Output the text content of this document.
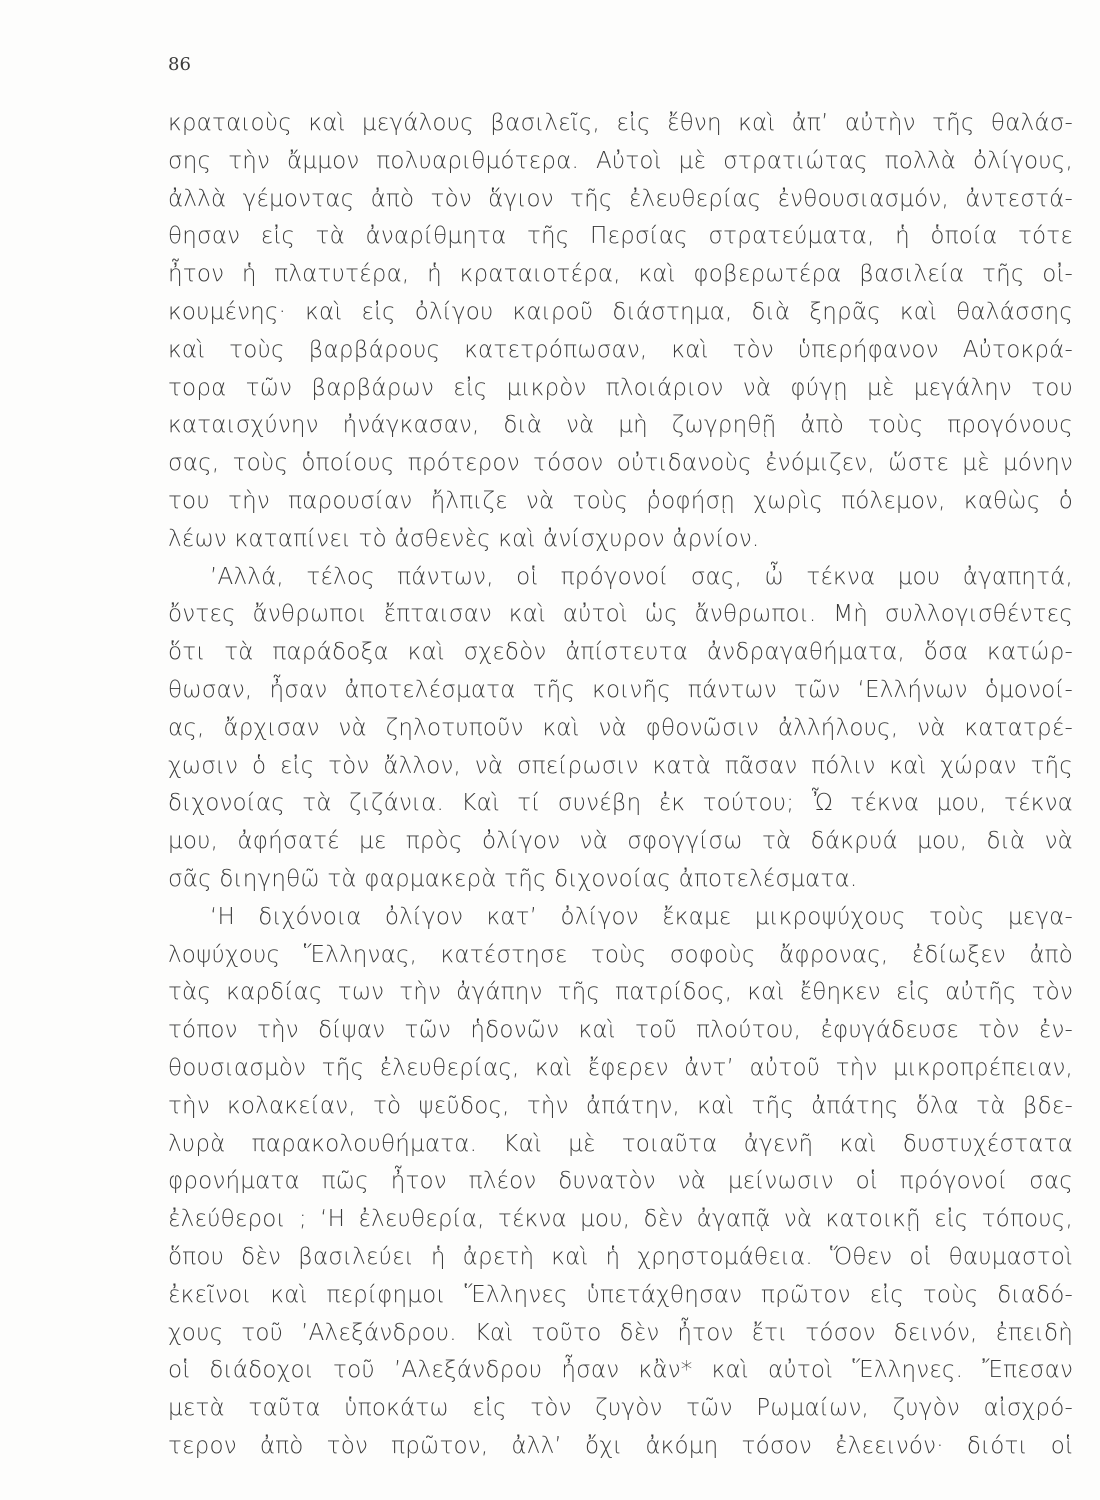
86
κραταιοὺς καὶ μεγάλους βασιλεῖς, εἰς ἔθνη καὶ ἀπ’ αὐτὴν τῆς θαλάσ-
σης τὴν ἄμμον πολυαριθμότερα. Αὐτοὶ μὲ στρατιώτας πολλὰ ὀλίγους,
ἀλλὰ γέμοντας ἀπὸ τὸν ἅγιον τῆς ἐλευθερίας ἐνθουσιασμόν, ἀντεστά-
θησαν εἰς τὰ ἀναρίθμητα τῆς Περσίας στρατεύματα, ἡ ὁποία τότε
ἦτον ἡ πλατυτέρα, ἡ κραταιοτέρα, καὶ φοβερωτέρα βασιλεία τῆς οἰ-
κουμένης· καὶ εἰς ὀλίγου καιροῦ διάστημα, διὰ ξηρᾶς καὶ θαλάσσης
καὶ τοὺς βαρβάρους κατετρόπωσαν, καὶ τὸν ὑπερήφανον Αὐτοκρά-
τορα τῶν βαρβάρων εἰς μικρὸν πλοιάριον νὰ φύγῃ μὲ μεγάλην του
καταισχύνην ἠνάγκασαν, διὰ νὰ μὴ ζωγρηθῇ ἀπὸ τοὺς προγόνους
σας, τοὺς ὁποίους πρότερον τόσον οὐτιδανοὺς ἐνόμιζεν, ὥστε μὲ μόνην
του τὴν παρουσίαν ἤλπιζε νὰ τοὺς ῥοφήσῃ χωρὶς πόλεμον, καθὼς ὁ
λέων καταπίνει τὸ ἀσθενὲς καὶ ἀνίσχυρον ἀρνίον.
’Αλλά, τέλος πάντων, οἱ πρόγονοί σας, ὦ τέκνα μου ἀγαπητά,
ὄντες ἄνθρωποι ἔπταισαν καὶ αὐτοὶ ὡς ἄνθρωποι. Μὴ συλλογισθέντες
ὅτι τὰ παράδοξα καὶ σχεδὸν ἀπίστευτα ἀνδραγαθήματα, ὅσα κατώρ-
θωσαν, ἦσαν ἀποτελέσματα τῆς κοινῆς πάντων τῶν ‘Ελλήνων ὁμονοί-
ας, ἄρχισαν νὰ ζηλοτυποῦν καὶ νὰ φθονῶσιν ἀλλήλους, νὰ κατατρέ-
χωσιν ὁ εἰς τὸν ἄλλον, νὰ σπείρωσιν κατὰ πᾶσαν πόλιν καὶ χώραν τῆς
διχονοίας τὰ ζιζάνια. Καὶ τί συνέβη ἐκ τούτου; Ὦ τέκνα μου, τέκνα
μου, ἀφήσατέ με πρὸς ὀλίγον νὰ σφογγίσω τὰ δάκρυά μου, διὰ νὰ
σᾶς διηγηθῶ τὰ φαρμακερὰ τῆς διχονοίας ἀποτελέσματα.
‘Η διχόνοια ὀλίγον κατ’ ὀλίγον ἔκαμε μικροψύχους τοὺς μεγα-
λοψύχους Ἕλληνας, κατέστησε τοὺς σοφοὺς ἄφρονας, ἐδίωξεν ἀπὸ
τὰς καρδίας των τὴν ἀγάπην τῆς πατρίδος, καὶ ἔθηκεν εἰς αὐτῆς τὸν
τόπον τὴν δίψαν τῶν ἡδονῶν καὶ τοῦ πλούτου, ἐφυγάδευσε τὸν ἐν-
θουσιασμὸν τῆς ἐλευθερίας, καὶ ἔφερεν ἀντ’ αὐτοῦ τὴν μικροπρέπειαν,
τὴν κολακείαν, τὸ ψεῦδος, τὴν ἀπάτην, καὶ τῆς ἀπάτης ὅλα τὰ βδε-
λυρὰ παρακολουθήματα. Καὶ μὲ τοιαῦτα ἀγενῆ καὶ δυστυχέστατα
φρονήματα πῶς ἦτον πλέον δυνατὸν νὰ μείνωσιν οἱ πρόγονοί σας
ἐλεύθεροι ; ‘Η ἐλευθερία, τέκνα μου, δὲν ἀγαπᾷ νὰ κατοικῇ εἰς τόπους,
ὅπου δὲν βασιλεύει ἡ ἀρετὴ καὶ ἡ χρηστομάθεια. Ὅθεν οἱ θαυμαστοὶ
ἐκεῖνοι καὶ περίφημοι Ἕλληνες ὑπετάχθησαν πρῶτον εἰς τοὺς διαδό-
χους τοῦ ’Αλεξάνδρου. Καὶ τοῦτο δὲν ἦτον ἔτι τόσον δεινόν, ἐπειδὴ
οἱ διάδοχοι τοῦ ’Αλεξάνδρου ἦσαν κἂν* καὶ αὐτοὶ Ἕλληνες. Ἔπεσαν
μετὰ ταῦτα ὑποκάτω εἰς τὸν ζυγὸν τῶν Ρωμαίων, ζυγὸν αἰσχρό-
τερον ἀπὸ τὸν πρῶτον, ἀλλ’ ὄχι ἀκόμη τόσον ἐλεεινόν· διότι οἱ
